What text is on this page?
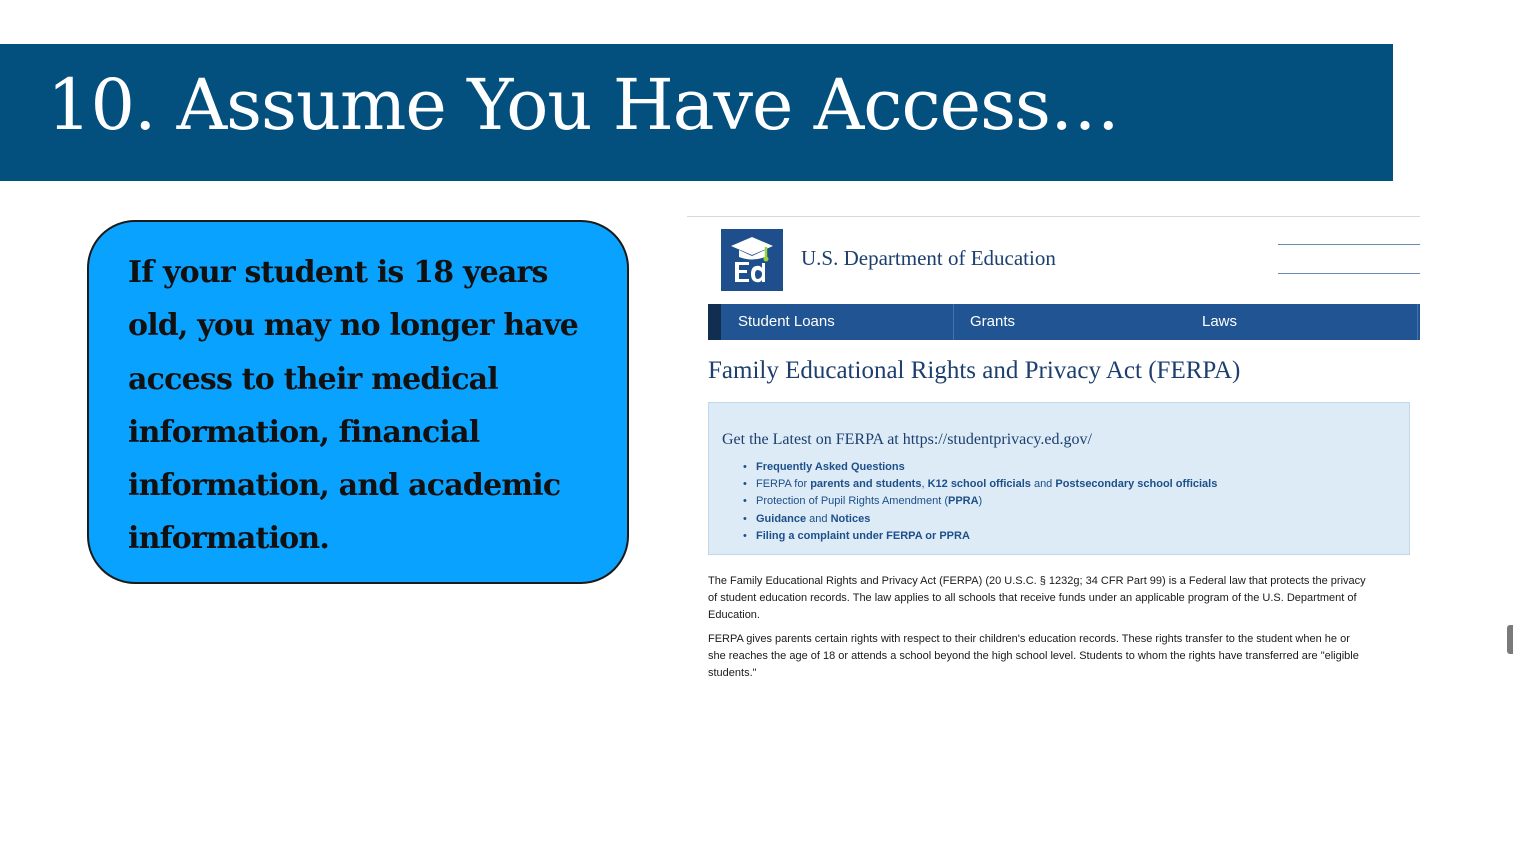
10. Assume You Have Access…
If your student is 18 years
old, you may no longer have
access to their medical
information, financial
information, and academic
information.
U.S. Department of Education
Student Loans	Grants	Laws
Family Educational Rights and Privacy Act (FERPA)
Get the Latest on FERPA at https://studentprivacy.ed.gov/
• Frequently Asked Questions
• FERPA for parents and students, K12 school officials and Postsecondary school officials
• Protection of Pupil Rights Amendment (PPRA)
• Guidance and Notices
• Filing a complaint under FERPA or PPRA
The Family Educational Rights and Privacy Act (FERPA) (20 U.S.C. § 1232g; 34 CFR Part 99) is a Federal law that protects the privacy
of student education records. The law applies to all schools that receive funds under an applicable program of the U.S. Department of
Education.
FERPA gives parents certain rights with respect to their children's education records. These rights transfer to the student when he or
she reaches the age of 18 or attends a school beyond the high school level. Students to whom the rights have transferred are "eligible
students."
